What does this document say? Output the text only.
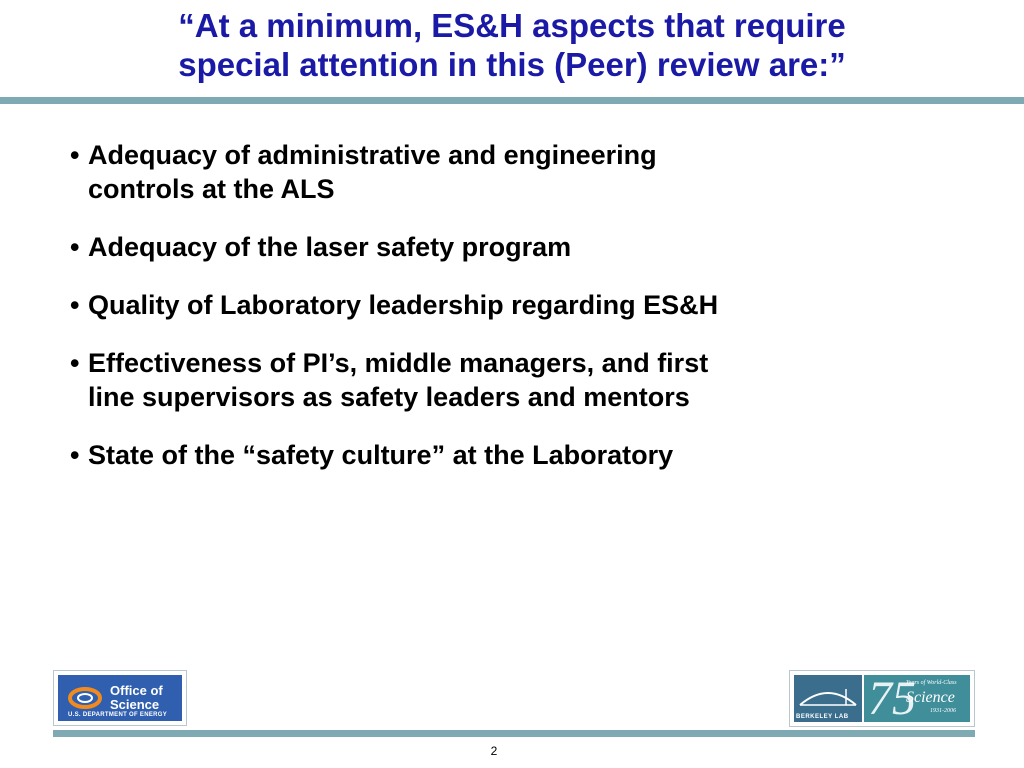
“At a minimum, ES&H aspects that require
special attention in this (Peer) review are:”
• Adequacy of administrative and engineering
controls at the ALS
• Adequacy of the laser safety program
• Quality of Laboratory leadership regarding ES&H
• Effectiveness of PI’s, middle managers, and first
line supervisors as safety leaders and mentors
• State of the “safety culture” at the Laboratory
Office of
Science
U.S. DEPARTMENT OF ENERGY	BERKELEY LAB 75
Years of World-Class
Science
1931-2006
2
